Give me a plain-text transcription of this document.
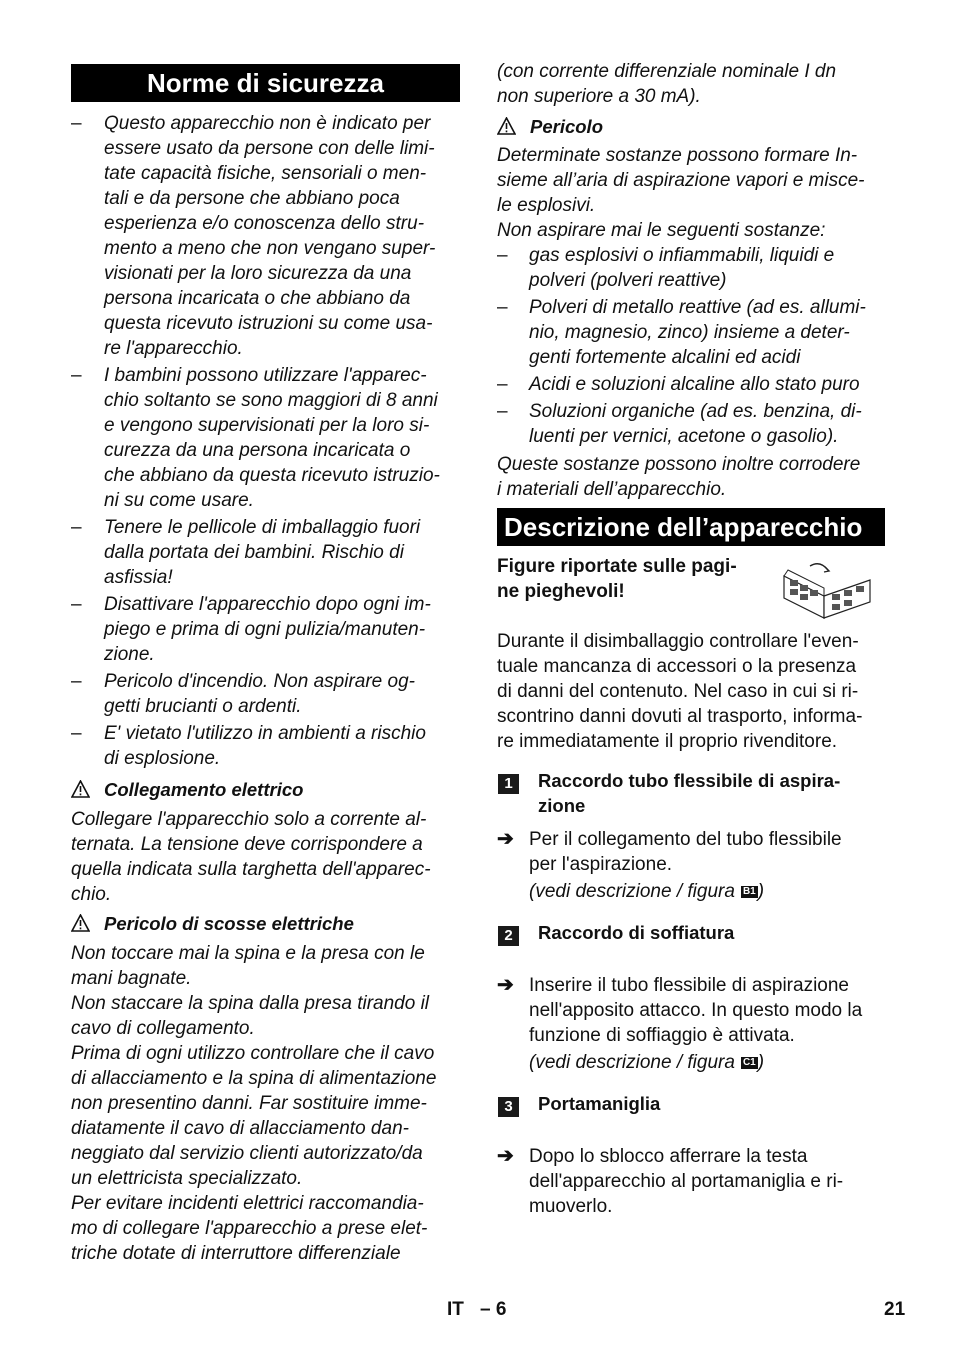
Norme di sicurezza
– Questo apparecchio non è indicato per
essere usato da persone con delle limi-
tate capacità fisiche, sensoriali o men-
tali e da persone che abbiano poca
esperienza e/o conoscenza dello stru-
mento a meno che non vengano super-
visionati per la loro sicurezza da una
persona incaricata o che abbiano da
questa ricevuto istruzioni su come usa-
re l'apparecchio.
– I bambini possono utilizzare l'apparec-
chio soltanto se sono maggiori di 8 anni
e vengono supervisionati per la loro si-
curezza da una persona incaricata o
che abbiano da questa ricevuto istruzio-
ni su come usare.
– Tenere le pellicole di imballaggio fuori
dalla portata dei bambini. Rischio di
asfissia!
– Disattivare l'apparecchio dopo ogni im-
piego e prima di ogni pulizia/manuten-
zione.
– Pericolo d'incendio. Non aspirare og-
getti brucianti o ardenti.
– E' vietato l'utilizzo in ambienti a rischio
di esplosione.
Collegamento elettrico
Collegare l'apparecchio solo a corrente al-
ternata. La tensione deve corrispondere a
quella indicata sulla targhetta dell'apparec-
chio.
Pericolo di scosse elettriche
Non toccare mai la spina e la presa con le
mani bagnate.
Non staccare la spina dalla presa tirando il
cavo di collegamento.
Prima di ogni utilizzo controllare che il cavo
di allacciamento e la spina di alimentazione
non presentino danni. Far sostituire imme-
diatamente il cavo di allacciamento dan-
neggiato dal servizio clienti autorizzato/da
un elettricista specializzato.
Per evitare incidenti elettrici raccomandia-
mo di collegare l'apparecchio a prese elet-
triche dotate di interruttore differenziale
(con corrente differenziale nominale I dn
non superiore a 30 mA).
Pericolo
Determinate sostanze possono formare In-
sieme all’aria di aspirazione vapori e misce-
le esplosivi.
Non aspirare mai le seguenti sostanze:
– gas esplosivi o infiammabili, liquidi e
polveri (polveri reattive)
– Polveri di metallo reattive (ad es. allumi-
nio, magnesio, zinco) insieme a deter-
genti fortemente alcalini ed acidi
– Acidi e soluzioni alcaline allo stato puro
– Soluzioni organiche (ad es. benzina, di-
luenti per vernici, acetone o gasolio).
Queste sostanze possono inoltre corrodere
i materiali dell’apparecchio.
Descrizione dell’apparecchio
Figure riportate sulle pagi-
ne pieghevoli!
Durante il disimballaggio controllare l'even-
tuale mancanza di accessori o la presenza
di danni del contenuto. Nel caso in cui si ri-
scontrino danni dovuti al trasporto, informa-
re immediatamente il proprio rivenditore.
1	Raccordo tubo flessibile di aspira-
zione
➔ Per il collegamento del tubo flessibile
per l'aspirazione.
(vedi descrizione / figura B1 )
2	Raccordo di soffiatura
➔ Inserire il tubo flessibile di aspirazione
nell'apposito attacco. In questo modo la
funzione di soffiaggio è attivata.
(vedi descrizione / figura C1 )
3	Portamaniglia
➔ Dopo lo sblocco afferrare la testa
dell'apparecchio al portamaniglia e ri-
muoverlo.
IT – 6	21
